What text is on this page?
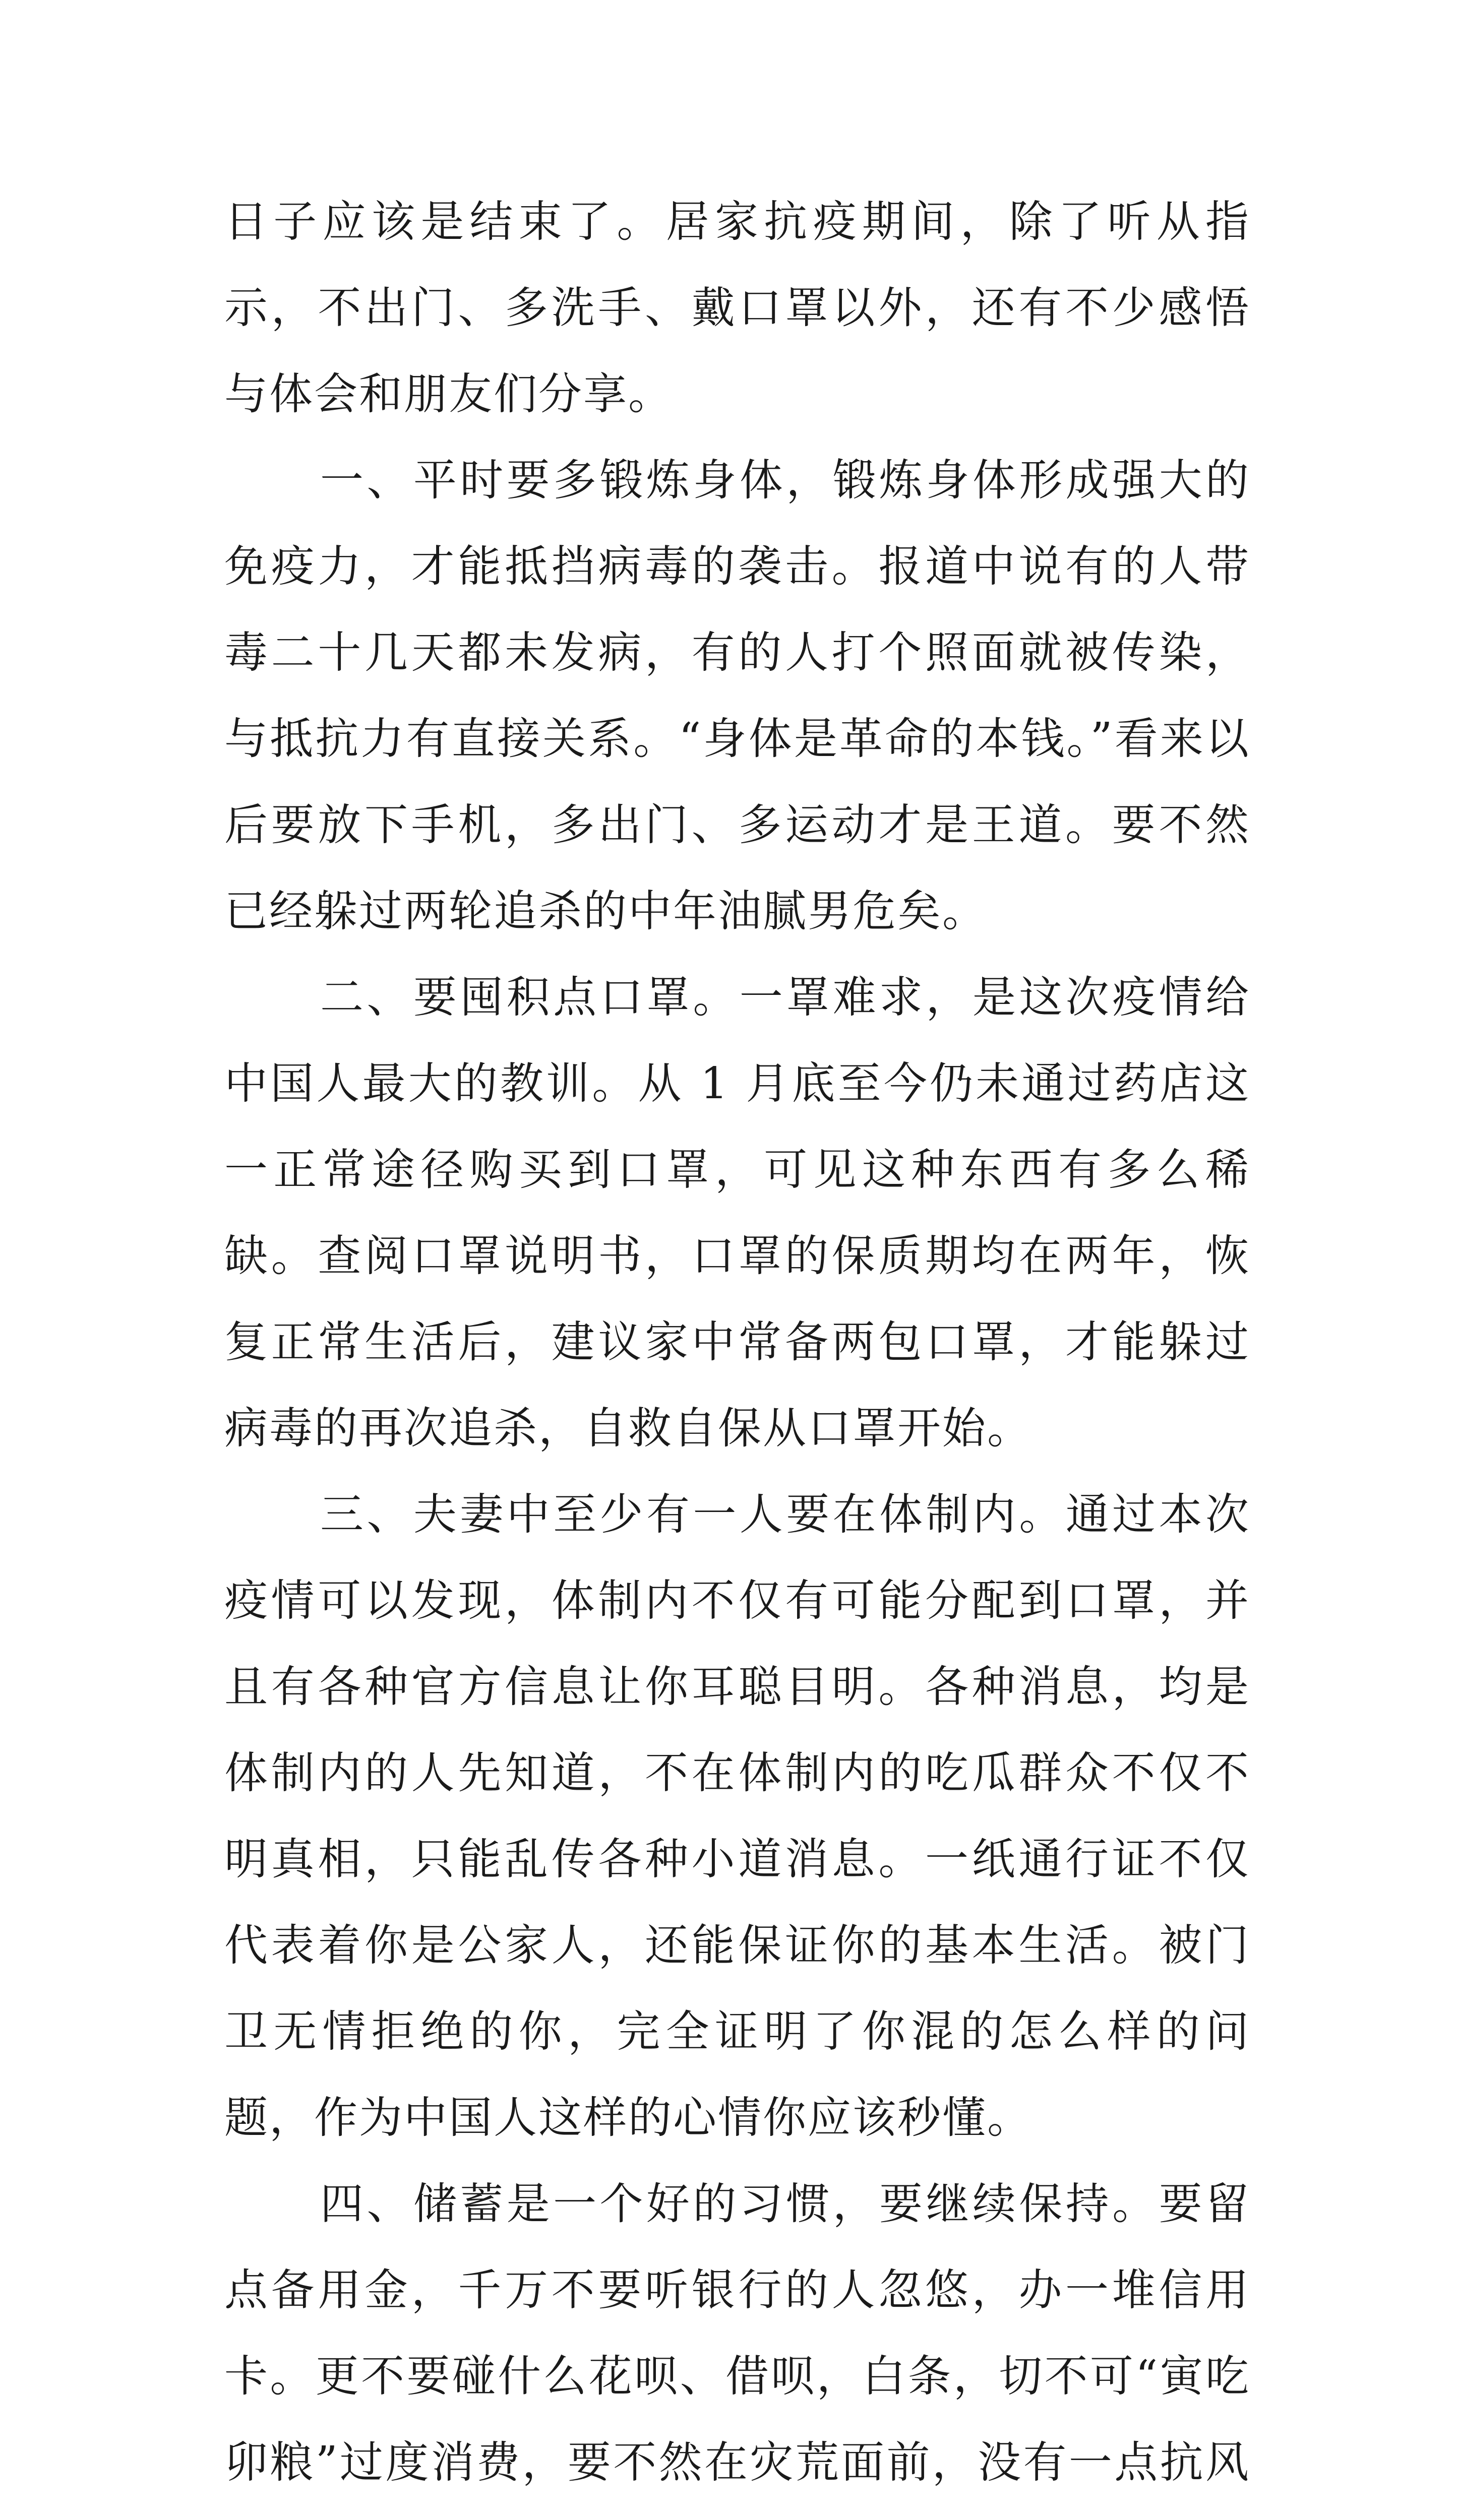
日子应该是结束了。居家抗疫期间，除了听从指示，不出门、多洗手、戴口罩以外，还有不少感悟与体会和朋友们分享。

一、平时要多锻炼身体，锻炼身体形成强大的免疫力，才能抵挡病毒的袭击。报道中说有的人带毒二十几天都未发病，有的人打个照面就被传染，与抵抗力有直接关系。“身体是革命的本钱。”看来以后要放下手机，多出门、多运动才是王道。要不然已经躲过两轮追杀的中年油腻男危矣。

二、要囤积点口罩。一罩难求，是这次疫情给中国人最大的教训。从 1 月底至今仍未通过药店这一正常途径购买到口罩，可见这种东西有多么稀缺。查阅口罩说明书，口罩的保质期均在两年，恢复正常生活后，建议家中常备两包口罩，才能躲过病毒的再次追杀，自救自保从口罩开始。

三、夫妻中至少有一人要在体制内。通过本次疫情可以发现，体制内不仅有可能分配到口罩，并且有各种官方信息让你耳聪目明。各种消息，均是体制内的人先知道，不在体制内的吃瓜群众不仅不明真相，只能乱传各种小道消息。一纸通行证不仅代表着你是公家人，还能保证你的基本生活。被门卫无情拒绝的你，完全证明了你混的怎么样的问题，作为中国人这样的心情你应该秒懂。

四、储蓄是一个好的习惯，要继续保持。要留点备用金，千万不要听银行的人忽悠，办一堆信用卡。更不要碰什么花呗、借呗，白条，切不可“寅吃卯粮”过度消费，要不然在灾荒面前，没有一点抗风
